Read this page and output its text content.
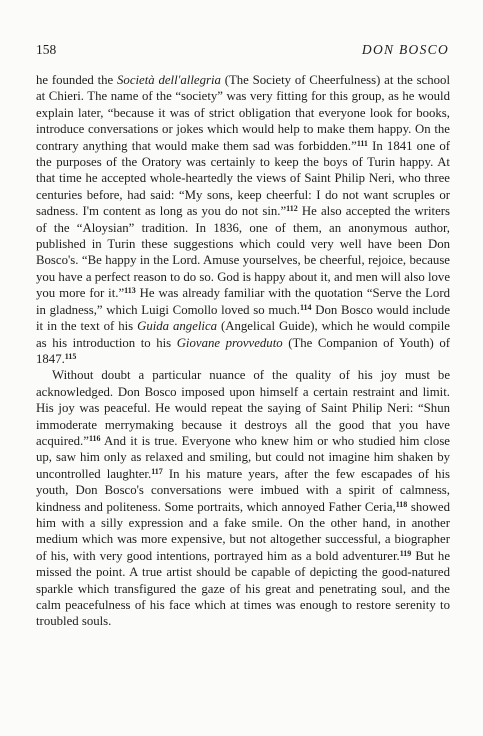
158	DON BOSCO

he founded the Società dell'allegria (The Society of Cheerfulness) at the school at Chieri. The name of the “society” was very fitting for this group, as he would explain later, “because it was of strict obligation that everyone look for books, introduce conversations or jokes which would help to make them happy. On the contrary anything that would make them sad was forbidden.”$^{111}$ In 1841 one of the purposes of the Oratory was certainly to keep the boys of Turin happy. At that time he accepted whole-heartedly the views of Saint Philip Neri, who three centuries before, had said: “My sons, keep cheerful: I do not want scruples or sadness. I'm content as long as you do not sin.”$^{112}$ He also accepted the writers of the “Aloysian” tradition. In 1836, one of them, an anonymous author, published in Turin these suggestions which could very well have been Don Bosco's. “Be happy in the Lord. Amuse yourselves, be cheerful, rejoice, because you have a perfect reason to do so. God is happy about it, and men will also love you more for it.”$^{113}$ He was already familiar with the quotation “Serve the Lord in gladness,” which Luigi Comollo loved so much.$^{114}$ Don Bosco would include it in the text of his Guida angelica (Angelical Guide), which he would compile as his introduction to his Giovane provveduto (The Companion of Youth) of 1847.$^{115}$

Without doubt a particular nuance of the quality of his joy must be acknowledged. Don Bosco imposed upon himself a certain restraint and limit. His joy was peaceful. He would repeat the saying of Saint Philip Neri: “Shun immoderate merrymaking because it destroys all the good that you have acquired.”$^{116}$ And it is true. Everyone who knew him or who studied him close up, saw him only as relaxed and smiling, but could not imagine him shaken by uncontrolled laughter.$^{117}$ In his mature years, after the few escapades of his youth, Don Bosco's conversations were imbued with a spirit of calmness, kindness and politeness. Some portraits, which annoyed Father Ceria,$^{118}$ showed him with a silly expression and a fake smile. On the other hand, in another medium which was more expensive, but not altogether successful, a biographer of his, with very good intentions, portrayed him as a bold adventurer.$^{119}$ But he missed the point. A true artist should be capable of depicting the good-natured sparkle which transfigured the gaze of his great and penetrating soul, and the calm peacefulness of his face which at times was enough to restore serenity to troubled souls.
